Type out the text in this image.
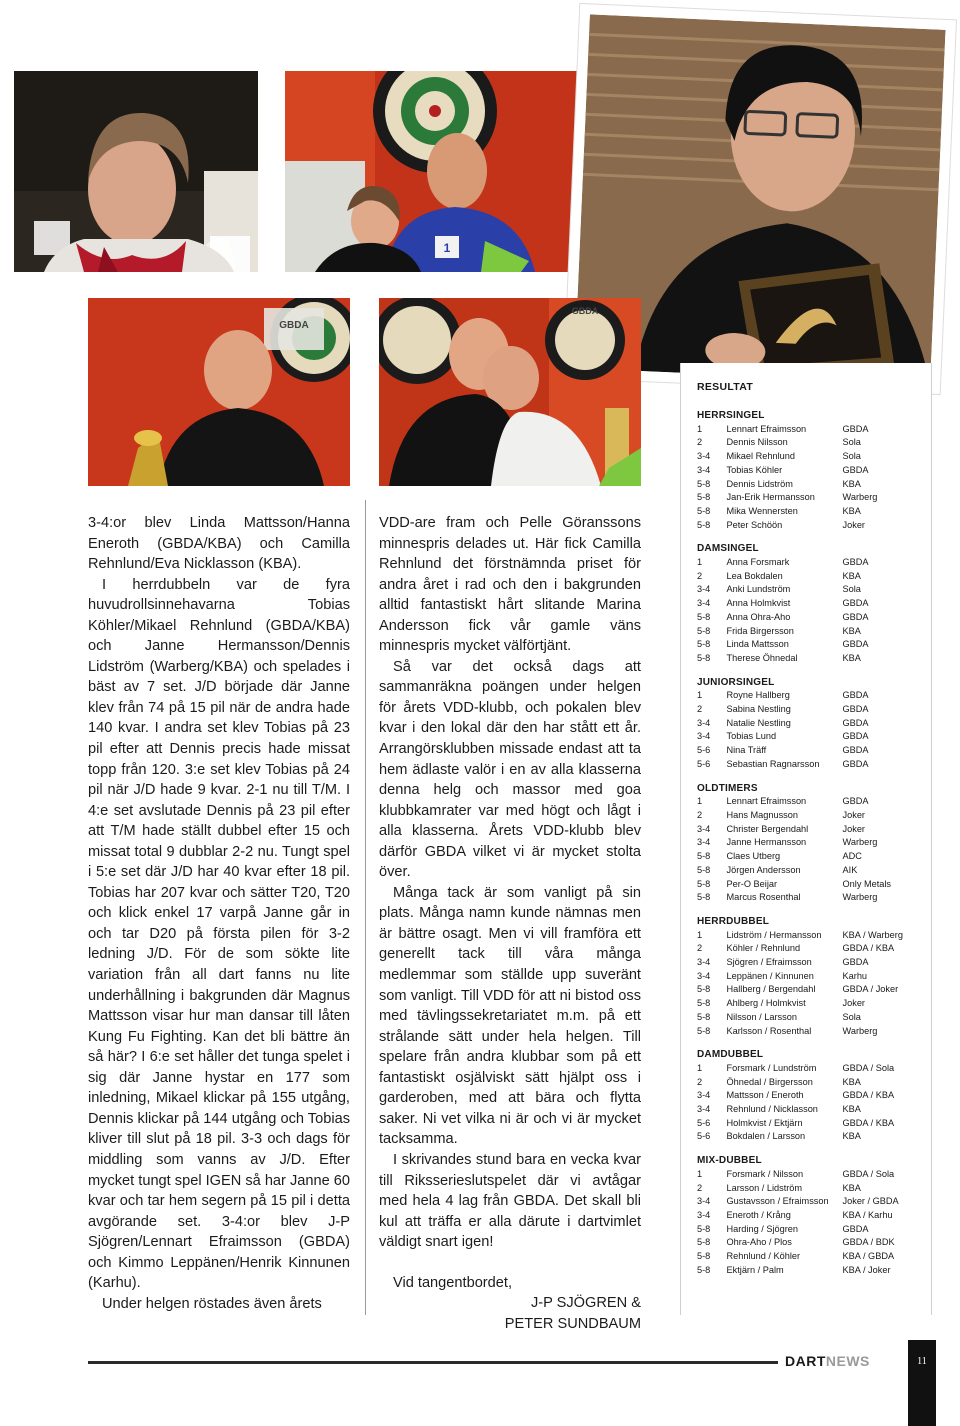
1
GBDA
GBDA

3-4:or blev Linda Mattsson/Hanna Eneroth (GBDA/KBA) och Camilla Rehnlund/Eva Nicklasson (KBA).

I herrdubbeln var de fyra huvudrollsinnehavarna Tobias Köhler/Mikael Rehnlund (GBDA/KBA) och Janne Hermansson/Dennis Lidström (Warberg/KBA) och spelades i bäst av 7 set. J/D började där Janne klev från 74 på 15 pil när de andra hade 140 kvar. I andra set klev Tobias på 23 pil efter att Dennis precis hade missat topp från 120. 3:e set klev Tobias på 24 pil när J/D hade 9 kvar. 2-1 nu till T/M. I 4:e set avslutade Dennis på 23 pil efter att T/M hade ställt dubbel efter 15 och missat total 9 dubblar 2-2 nu. Tungt spel i 5:e set där J/D har 40 kvar efter 18 pil. Tobias har 207 kvar och sätter T20, T20 och klick enkel 17 varpå Janne går in och tar D20 på första pilen för 3-2 ledning J/D. För de som sökte lite variation från all dart fanns nu lite underhållning i bakgrunden där Magnus Mattsson visar hur man dansar till låten Kung Fu Fighting. Kan det bli bättre än så här? I 6:e set håller det tunga spelet i sig där Janne hystar en 177 som inledning, Mikael klickar på 155 utgång, Dennis klickar på 144 utgång och Tobias kliver till slut på 18 pil. 3-3 och dags för middling som vanns av J/D. Efter mycket tungt spel IGEN så har Janne 60 kvar och tar hem segern på 15 pil i detta avgörande set. 3-4:or blev J-P Sjögren/Lennart Efraimsson (GBDA) och Kimmo Leppänen/Henrik Kinnunen (Karhu).

Under helgen röstades även årets

VDD-are fram och Pelle Göranssons minnespris delades ut. Här fick Camilla Rehnlund det förstnämnda priset för andra året i rad och den i bakgrunden alltid fantastiskt hårt slitande Marina Andersson fick vår gamle väns minnespris mycket välförtjänt.

Så var det också dags att sammanräkna poängen under helgen för årets VDD-klubb, och pokalen blev kvar i den lokal där den har stått ett år. Arrangörsklubben missade endast att ta hem ädlaste valör i en av alla klasserna denna helg och massor med goa klubbkamrater var med högt och lågt i alla klasserna. Årets VDD-klubb blev därför GBDA vilket vi är mycket stolta över.

Många tack är som vanligt på sin plats. Många namn kunde nämnas men är bättre osagt. Men vi vill framföra ett generellt tack till våra många medlemmar som ställde upp suveränt som vanligt. Till VDD för att ni bistod oss med tävlingssekretariatet m.m. på ett strålande sätt under hela helgen. Till spelare från andra klubbar som på ett fantastiskt osjälviskt sätt hjälpt oss i garderoben, med att bära och flytta saker. Ni vet vilka ni är och vi är mycket tacksamma.

I skrivandes stund bara en vecka kvar till Riksserieslutspelet där vi avtågar med hela 4 lag från GBDA. Det skall bli kul att träffa er alla därute i dartvimlet väldigt snart igen!

Vid tangentbordet,

J-P SJÖGREN &

PETER SUNDBAUM

RESULTAT
HERRSINGEL
1	Lennart Efraimsson	GBDA
2	Dennis Nilsson	Sola
3-4	Mikael Rehnlund	Sola
3-4	Tobias Köhler	GBDA
5-8	Dennis Lidström	KBA
5-8	Jan-Erik Hermansson	Warberg
5-8	Mika Wennersten	KBA
5-8	Peter Schöön	Joker
DAMSINGEL
1	Anna Forsmark	GBDA
2	Lea Bokdalen	KBA
3-4	Anki Lundström	Sola
3-4	Anna Holmkvist	GBDA
5-8	Anna Ohra-Aho	GBDA
5-8	Frida Birgersson	KBA
5-8	Linda Mattsson	GBDA
5-8	Therese Öhnedal	KBA
JUNIORSINGEL
1	Royne Hallberg	GBDA
2	Sabina Nestling	GBDA
3-4	Natalie Nestling	GBDA
3-4	Tobias Lund	GBDA
5-6	Nina Träff	GBDA
5-6	Sebastian Ragnarsson	GBDA
OLDTIMERS
1	Lennart Efraimsson	GBDA
2	Hans Magnusson	Joker
3-4	Christer Bergendahl	Joker
3-4	Janne Hermansson	Warberg
5-8	Claes Utberg	ADC
5-8	Jörgen Andersson	AIK
5-8	Per-O Beijar	Only Metals
5-8	Marcus Rosenthal	Warberg
HERRDUBBEL
1	Lidström / Hermansson	KBA / Warberg
2	Köhler / Rehnlund	GBDA / KBA
3-4	Sjögren / Efraimsson	GBDA
3-4	Leppänen / Kinnunen	Karhu
5-8	Hallberg / Bergendahl	GBDA / Joker
5-8	Ahlberg / Holmkvist	Joker
5-8	Nilsson / Larsson	Sola
5-8	Karlsson / Rosenthal	Warberg
DAMDUBBEL
1	Forsmark / Lundström	GBDA / Sola
2	Öhnedal / Birgersson	KBA
3-4	Mattsson / Eneroth	GBDA / KBA
3-4	Rehnlund / Nicklasson	KBA
5-6	Holmkvist / Ektjärn	GBDA / KBA
5-6	Bokdalen / Larsson	KBA
MIX-DUBBEL
1	Forsmark / Nilsson	GBDA / Sola
2	Larsson / Lidström	KBA
3-4	Gustavsson / Efraimsson	Joker / GBDA
3-4	Eneroth / Krång	KBA / Karhu
5-8	Harding / Sjögren	GBDA
5-8	Ohra-Aho / Plos	GBDA / BDK
5-8	Rehnlund / Köhler	KBA / GBDA
5-8	Ektjärn / Palm	KBA / Joker
DARTNEWS	11
